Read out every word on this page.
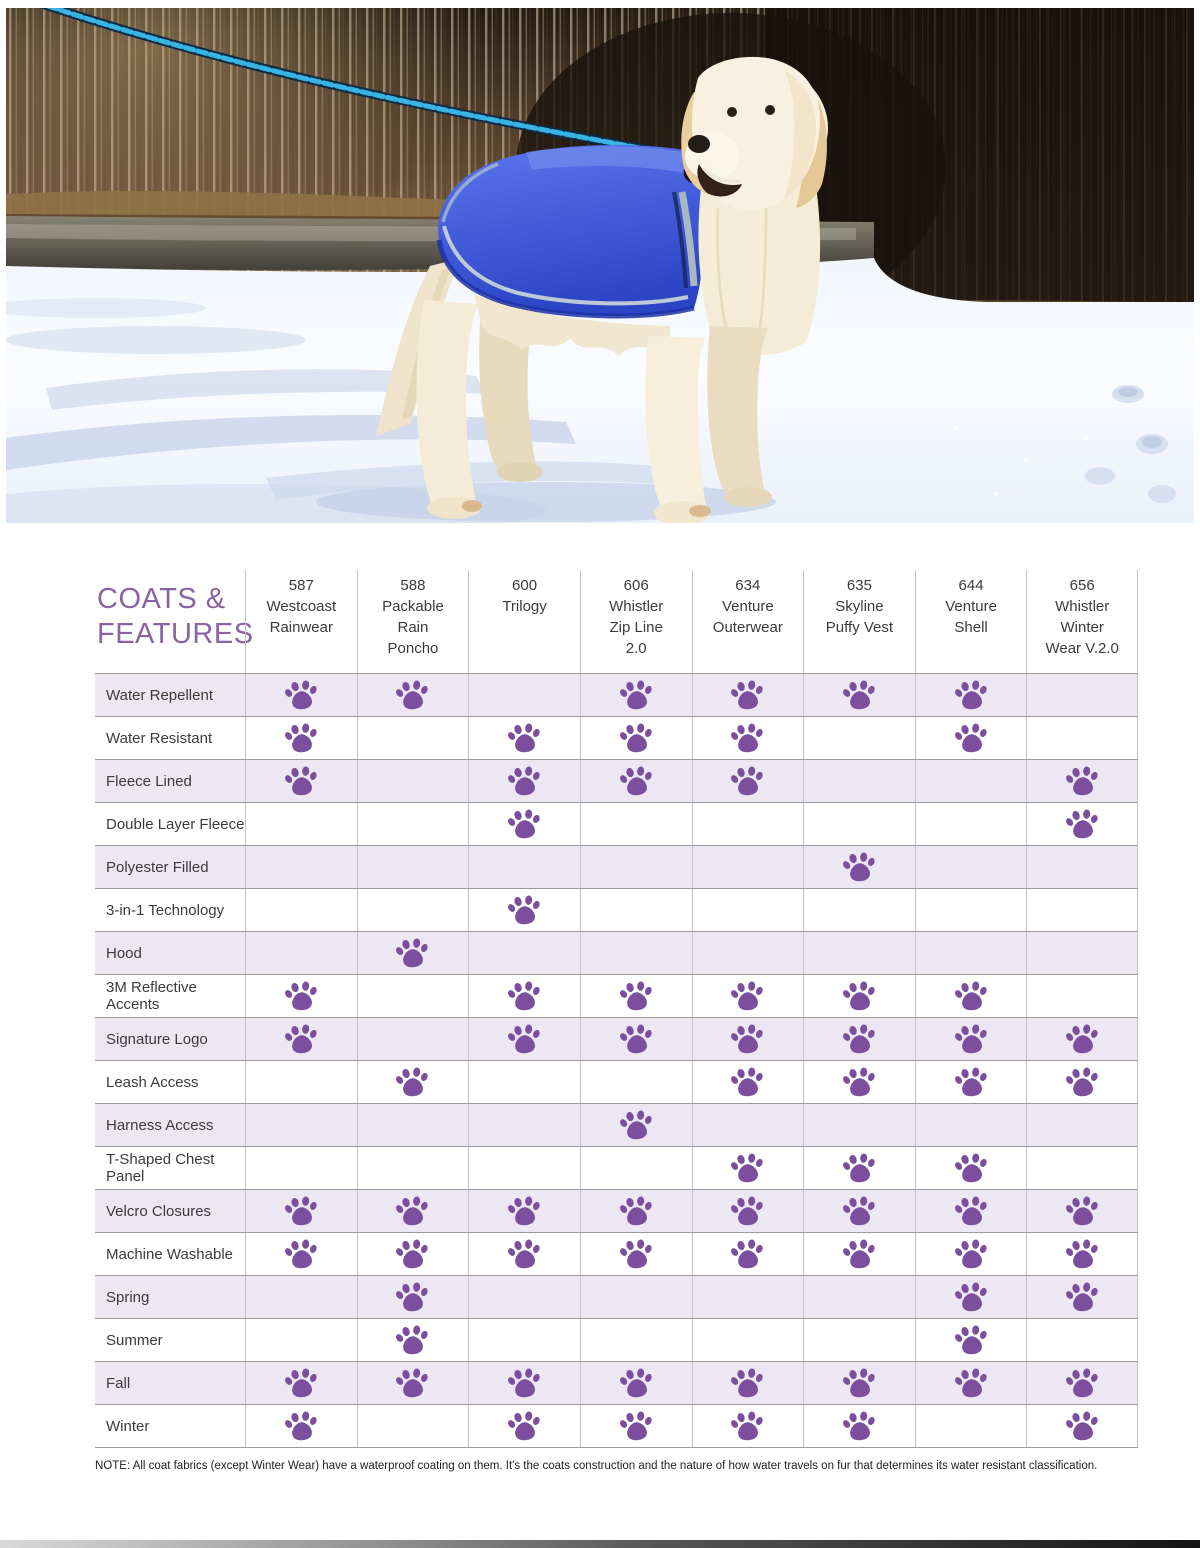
COATS &
FEATURES
587
Westcoast
Rainwear
588
Packable
Rain
Poncho
600
Trilogy
606
Whistler
Zip Line
2.0
634
Venture
Outerwear
635
Skyline
Puffy Vest
644
Venture
Shell
656
Whistler
Winter
Wear V.2.0
Water Repellent
Water Resistant
Fleece Lined
Double Layer Fleece
Polyester Filled
3-in-1 Technology
Hood
3M Reflective Accents
Signature Logo
Leash Access
Harness Access
T-Shaped Chest Panel
Velcro Closures
Machine Washable
Spring
Summer
Fall
Winter
NOTE: All coat fabrics (except Winter Wear) have a waterproof coating on them. It's the coats construction and the nature of how water travels on fur that determines its water resistant classification.
